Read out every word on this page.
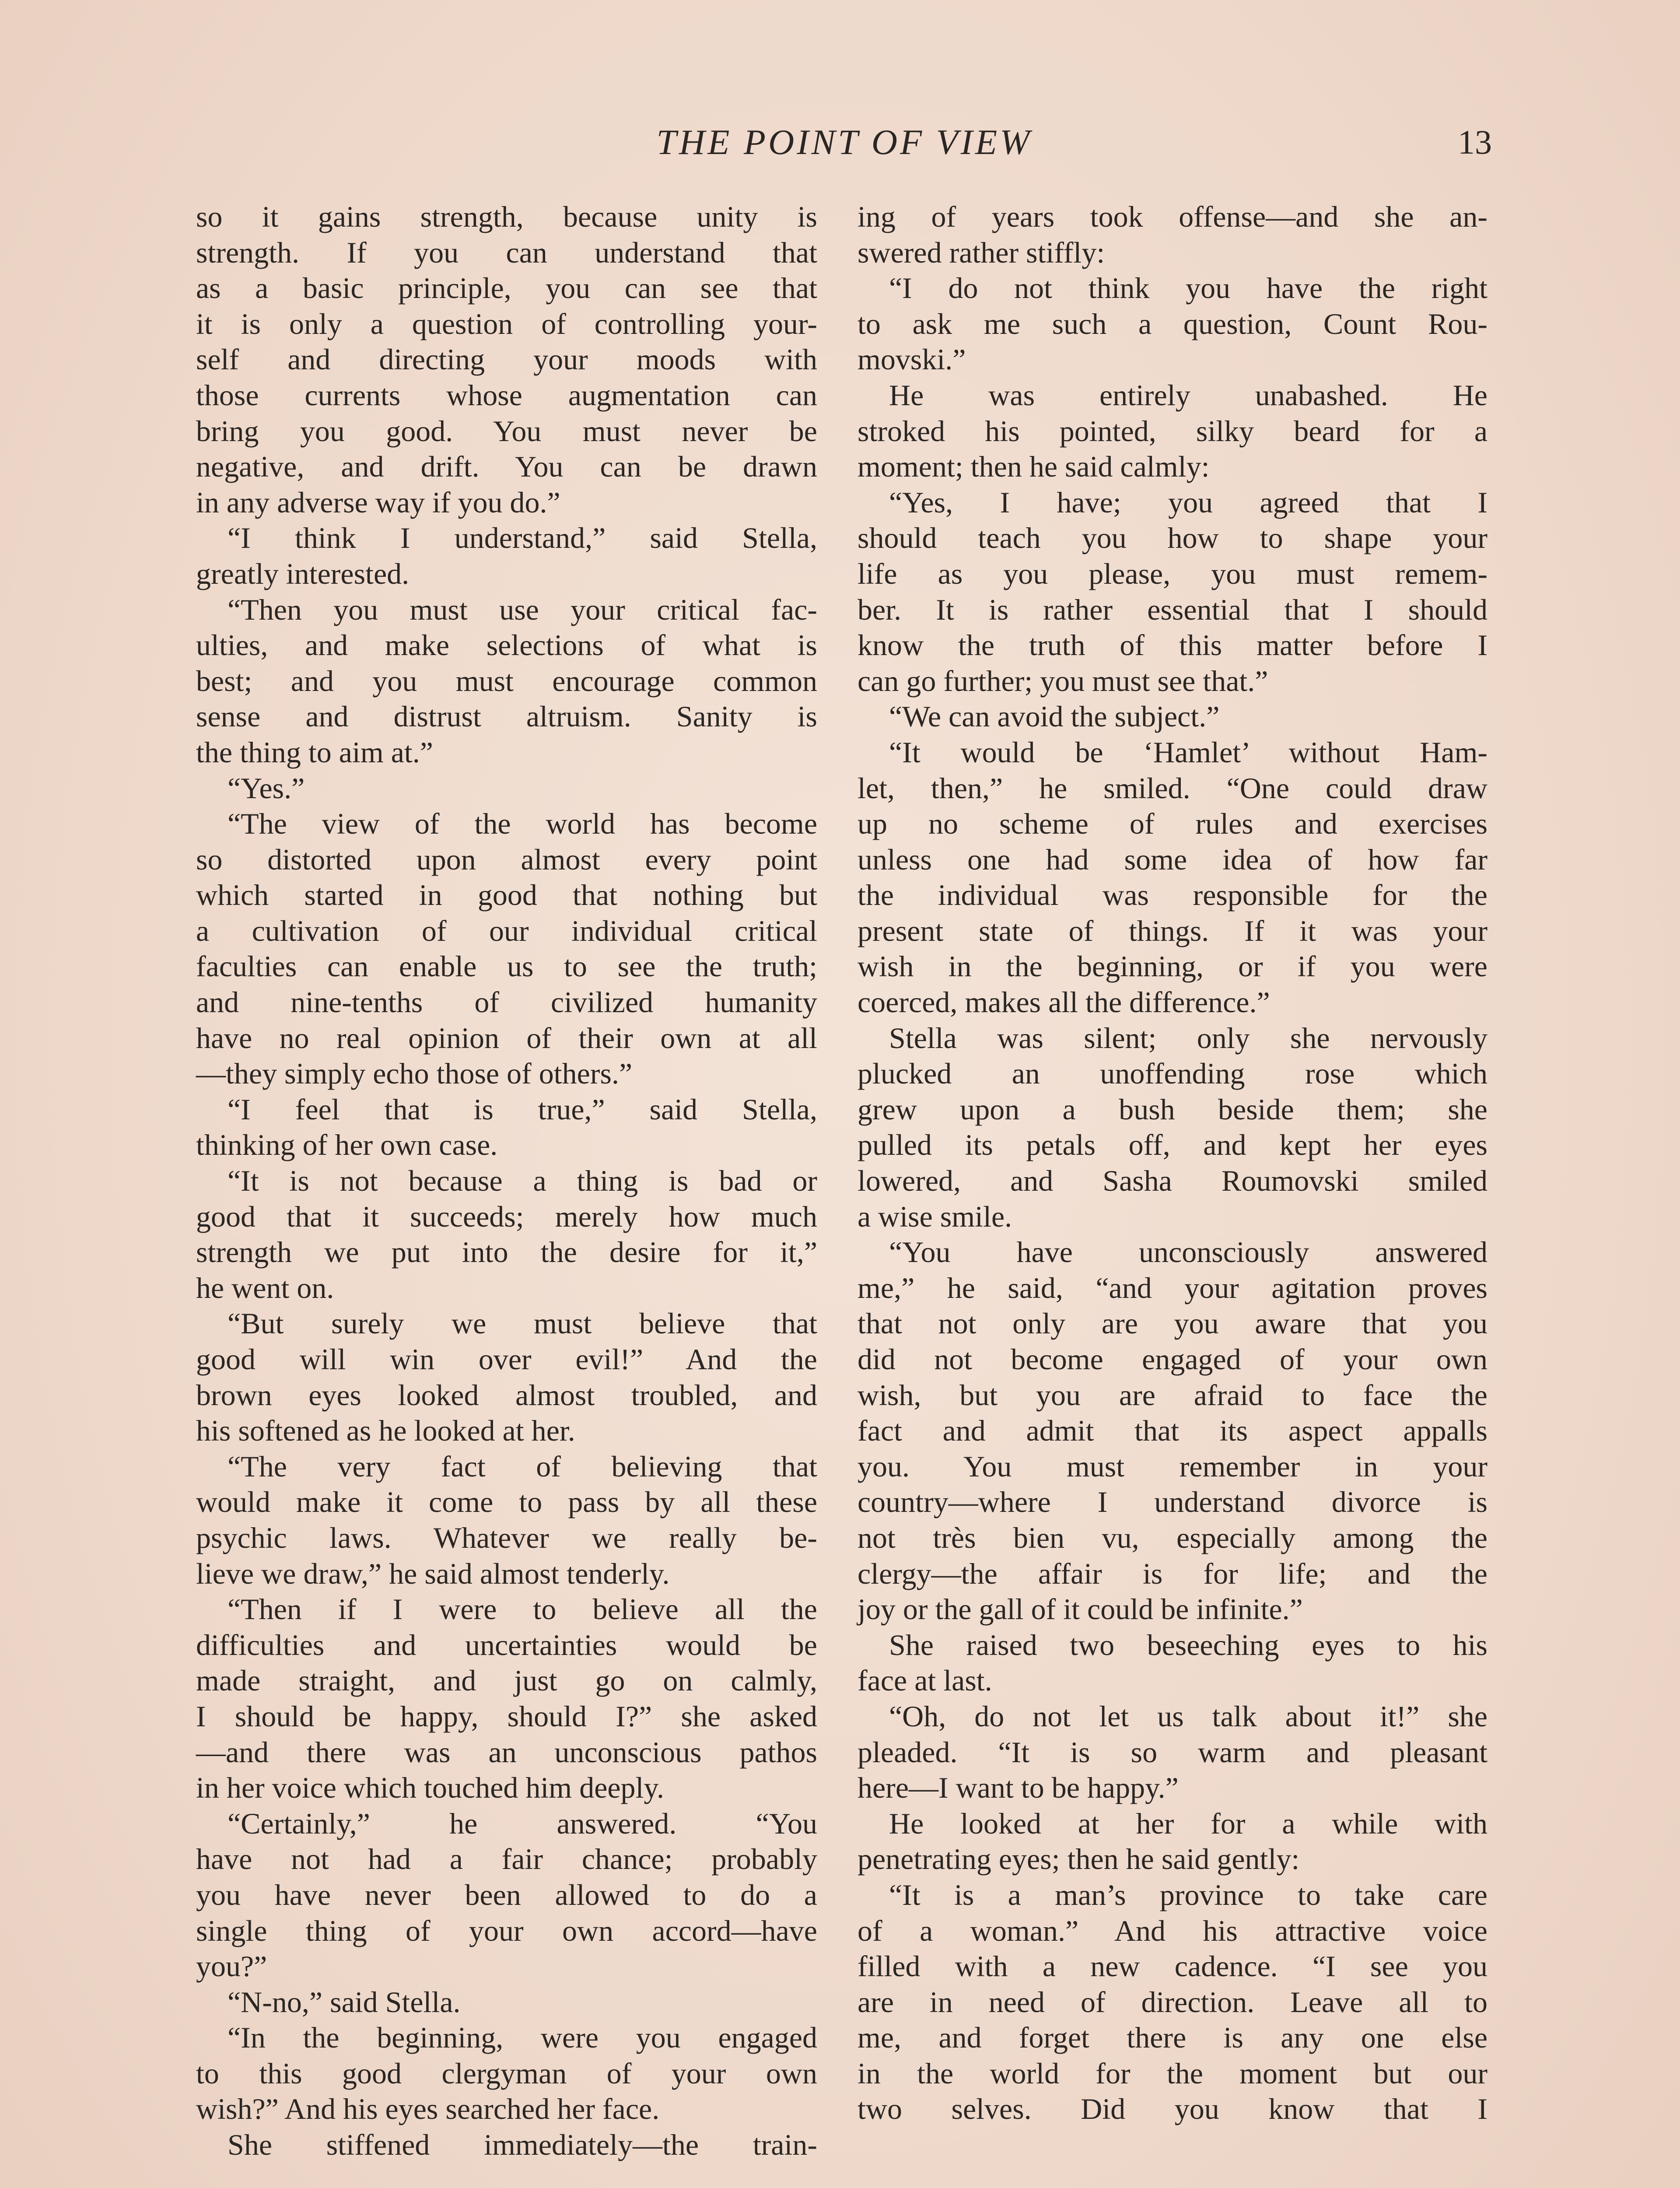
THE POINT OF VIEW	13
so it gains strength, because unity is
strength. If you can understand that
as a basic principle, you can see that
it is only a question of controlling your-
self and directing your moods with
those currents whose augmentation can
bring you good. You must never be
negative, and drift. You can be drawn
in any adverse way if you do.”
“I think I understand,” said Stella,
greatly interested.
“Then you must use your critical fac-
ulties, and make selections of what is
best; and you must encourage common
sense and distrust altruism. Sanity is
the thing to aim at.”
“Yes.”
“The view of the world has become
so distorted upon almost every point
which started in good that nothing but
a cultivation of our individual critical
faculties can enable us to see the truth;
and nine-tenths of civilized humanity
have no real opinion of their own at all
—they simply echo those of others.”
“I feel that is true,” said Stella,
thinking of her own case.
“It is not because a thing is bad or
good that it succeeds; merely how much
strength we put into the desire for it,”
he went on.
“But surely we must believe that
good will win over evil!” And the
brown eyes looked almost troubled, and
his softened as he looked at her.
“The very fact of believing that
would make it come to pass by all these
psychic laws. Whatever we really be-
lieve we draw,” he said almost tenderly.
“Then if I were to believe all the
difficulties and uncertainties would be
made straight, and just go on calmly,
I should be happy, should I?” she asked
—and there was an unconscious pathos
in her voice which touched him deeply.
“Certainly,” he answered. “You
have not had a fair chance; probably
you have never been allowed to do a
single thing of your own accord—have
you?”
“N-no,” said Stella.
“In the beginning, were you engaged
to this good clergyman of your own
wish?” And his eyes searched her face.
She stiffened immediately—the train-
ing of years took offense—and she an-
swered rather stiffly:
“I do not think you have the right
to ask me such a question, Count Rou-
movski.”
He was entirely unabashed. He
stroked his pointed, silky beard for a
moment; then he said calmly:
“Yes, I have; you agreed that I
should teach you how to shape your
life as you please, you must remem-
ber. It is rather essential that I should
know the truth of this matter before I
can go further; you must see that.”
“We can avoid the subject.”
“It would be ‘Hamlet’ without Ham-
let, then,” he smiled. “One could draw
up no scheme of rules and exercises
unless one had some idea of how far
the individual was responsible for the
present state of things. If it was your
wish in the beginning, or if you were
coerced, makes all the difference.”
Stella was silent; only she nervously
plucked an unoffending rose which
grew upon a bush beside them; she
pulled its petals off, and kept her eyes
lowered, and Sasha Roumovski smiled
a wise smile.
“You have unconsciously answered
me,” he said, “and your agitation proves
that not only are you aware that you
did not become engaged of your own
wish, but you are afraid to face the
fact and admit that its aspect appalls
you. You must remember in your
country—where I understand divorce is
not très bien vu, especially among the
clergy—the affair is for life; and the
joy or the gall of it could be infinite.”
She raised two beseeching eyes to his
face at last.
“Oh, do not let us talk about it!” she
pleaded. “It is so warm and pleasant
here—I want to be happy.”
He looked at her for a while with
penetrating eyes; then he said gently:
“It is a man’s province to take care
of a woman.” And his attractive voice
filled with a new cadence. “I see you
are in need of direction. Leave all to
me, and forget there is any one else
in the world for the moment but our
two selves. Did you know that I
